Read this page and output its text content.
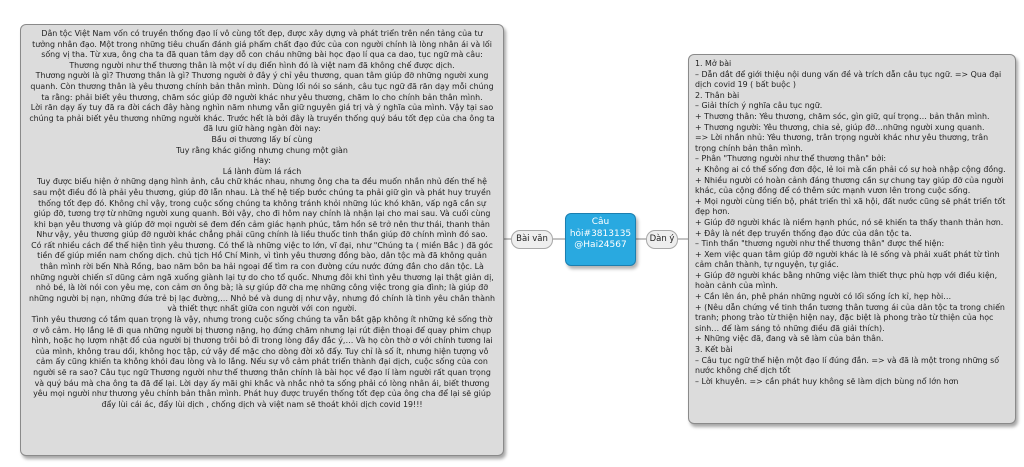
Dân tộc Việt Nam vốn có truyền thống đạo lí vô cùng tốt đẹp, được xây dựng và phát triển trên nền tảng của tư tưởng nhân đạo. Một trong những tiêu chuẩn đánh giá phẩm chất đạo đức của con người chính là lòng nhân ái và lối sống vị tha. Từ xưa, ông cha ta đã quan tâm dạy dỗ con cháu những bài học đạo lí qua ca dao, tục ngữ mà câu: Thương người như thể thương thân là một ví dụ điển hình đó là việt nam đã không chế được dịch.

Thương người là gì? Thương thân là gì? Thương người ở đây ý chỉ yêu thương, quan tâm giúp đỡ những người xung quanh. Còn thương thân là yêu thương chính bản thân mình. Dùng lối nói so sánh, câu tục ngữ đã răn dạy mỗi chúng ta rằng: phải biết yêu thương, chăm sóc giúp đỡ người khác như yêu thương, chăm lo cho chính bản thân mình.

Lời răn dạy ấy tuy đã ra đời cách đây hàng nghìn năm nhưng vẫn giữ nguyên giá trị và ý nghĩa của mình. Vậy tại sao chúng ta phải biết yêu thương những người khác. Trước hết là bởi đây là truyền thống quý báu tốt đẹp của cha ông ta đã lưu giữ hàng ngàn đời nay:

Bầu ơi thương lấy bí cùng

Tuy rằng khác giống nhưng chung một giàn

Hay:

Lá lành đùm lá rách

Tuy được biểu hiện ở những dạng hình ảnh, câu chữ khác nhau, nhưng ông cha ta đều muốn nhắn nhủ đến thế hệ sau một điều đó là phải yêu thương, giúp đỡ lẫn nhau. Là thế hệ tiếp bước chúng ta phải giữ gìn và phát huy truyền thống tốt đẹp đó. Không chỉ vậy, trong cuộc sống chúng ta không tránh khỏi những lúc khó khăn, vấp ngã cần sự giúp đỡ, tương trợ từ những người xung quanh. Bởi vậy, cho đi hôm nay chính là nhận lại cho mai sau. Và cuối cùng khi bạn yêu thương và giúp đỡ mọi người sẽ đem đến cảm giác hạnh phúc, tâm hồn sẽ trở nên thư thái, thanh thản Như vậy, yêu thương giúp đỡ người khác chẳng phải cũng chính là liều thuốc tinh thần giúp đỡ chính mình đó sao.

Có rất nhiều cách để thể hiện tình yêu thương. Có thể là những việc to lớn, vĩ đại, như "Chúng ta ( miền Bắc ) đã góc tiền để giúp miền nam chống dịch. chủ tịch Hồ Chí Minh, vì tình yêu thương đồng bào, dân tộc mà đã không quản thân mình rời bến Nhà Rồng, bao năm bôn ba hải ngoại để tìm ra con đường cứu nước đứng đắn cho dân tộc. Là những người chiến sĩ dũng cảm ngã xuống giành lại tự do cho tổ quốc. Nhưng đôi khi tình yêu thương lại thật giản dị, nhỏ bé, là lời nói con yêu mẹ, con cảm ơn ông bà; là sự giúp đỡ cha mẹ những công việc trong gia đình; là giúp đỡ những người bị nạn, những đứa trẻ bị lạc đường,… Nhỏ bé và dung dị như vậy, nhưng đó chính là tình yêu chân thành và thiết thực nhất giữa con người với con người.

Tình yêu thương có tầm quan trọng là vậy, nhưng trong cuộc sống chúng ta vẫn bắt gặp không ít những kẻ sống thờ ơ vô cảm. Họ lắng lẽ đi qua những người bị thương nặng, họ đứng chăm nhưng lại rút điện thoại để quay phim chụp hình, hoặc họ lượm nhặt đồ của người bị thương trôi bỏ đi trong lòng đầy đắc ý,… Và họ còn thờ ơ với chính tương lai của mình, không trau dồi, không học tập, cứ vậy để mặc cho dòng đời xô đẩy. Tuy chỉ là số ít, nhưng hiện tượng vô cảm ấy cũng khiến ta không khỏi đau lòng và lo lắng. Nếu sự vô cảm phát triển thành đại dịch, cuộc sống của con người sẽ ra sao? Câu tục ngữ Thương người như thể thương thân chính là bài học về đạo lí làm người rất quan trọng và quý báu mà cha ông ta đã để lại. Lời dạy ấy mãi ghi khắc và nhắc nhở ta sống phải có lòng nhân ái, biết thương yêu mọi người như thương yêu chính bản thân mình. Phát huy được truyền thống tốt đẹp của ông cha để lại sẽ giúp đẩy lùi cái ác, đẩy lùi dịch , chống dịch và việt nam sẽ thoát khỏi dịch covid 19!!!

Bài văn
Câu
hỏi#3813135
@Hai24567
Dàn ý

1. Mở bài

– Dẫn dắt để giới thiệu nội dung vấn đề và trích dẫn câu tục ngữ. => Qua đại dịch covid 19 ( bất buộc )

2. Thân bài

– Giải thích ý nghĩa câu tục ngữ.

+ Thương thân: Yêu thương, chăm sóc, gìn giữ, quí trọng… bản thân mình.

+ Thương người: Yêu thương, chia sẻ, giúp đỡ…những người xung quanh.

=> Lời nhắn nhủ: Yêu thương, trân trọng người khác như yêu thương, trân trọng chính bản thân mình.

– Phân "Thương người như thể thương thân" bởi:

+ Không ai có thể sống đơn độc, lẻ loi mà cần phải có sự hoà nhập cộng đồng.

+ Nhiều người có hoàn cảnh đáng thương cần sự chung tay giúp đỡ của người khác, của cộng đồng để có thêm sức mạnh vươn lên trong cuộc sống.

+ Mọi người cùng tiến bộ, phát triển thì xã hội, đất nước cũng sẽ phát triển tốt đẹp hơn.

+ Giúp đỡ người khác là niềm hạnh phúc, nó sẽ khiến ta thấy thanh thản hơn.

+ Đây là nét đẹp truyền thống đạo đức của dân tộc ta.

– Tinh thần "thương người như thể thương thân" được thể hiện:

+ Xem việc quan tâm giúp đỡ người khác là lẽ sống và phải xuất phát từ tình cảm chân thành, tự nguyện, tự giác.

+ Giúp đỡ người khác bằng những việc làm thiết thực phù hợp với điều kiện, hoàn cảnh của mình.

+ Cần lên án, phê phán những người có lối sống ích kỉ, hẹp hòi…

+ (Nêu dẫn chứng về tinh thần tương thân tương ái của dân tộc ta trong chiến tranh; phong trào từ thiện hiện nay, đặc biệt là phong trào từ thiện của học sinh… để làm sáng tỏ những điều đã giải thích).

+ Những việc đã, đang và sẽ làm của bản thân.

3. Kết bài

– Câu tục ngữ thể hiện một đạo lí đúng đắn. => và đã là một trong những số nước không chế dịch tốt

– Lời khuyên. => cần phát huy không sẽ làm dịch bùng nổ lớn hơn
